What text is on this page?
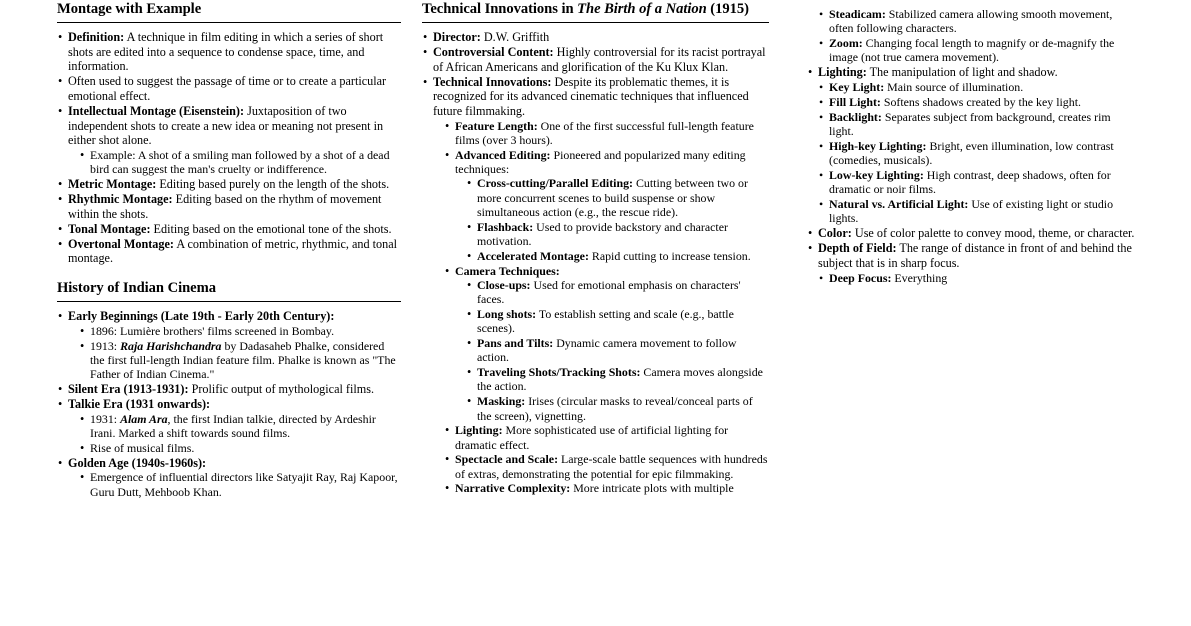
Montage with Example
• Definition: A technique in film editing in which a series of short shots are edited into a sequence to condense space, time, and information.
• Often used to suggest the passage of time or to create a particular emotional effect.
• Intellectual Montage (Eisenstein): Juxtaposition of two independent shots to create a new idea or meaning not present in either shot alone.
• Example: A shot of a smiling man followed by a shot of a dead bird can suggest the man's cruelty or indifference.
• Metric Montage: Editing based purely on the length of the shots.
• Rhythmic Montage: Editing based on the rhythm of movement within the shots.
• Tonal Montage: Editing based on the emotional tone of the shots.
• Overtonal Montage: A combination of metric, rhythmic, and tonal montage.
History of Indian Cinema
• Early Beginnings (Late 19th - Early 20th Century):
• 1896: Lumière brothers' films screened in Bombay.
• 1913: Raja Harishchandra by Dadasaheb Phalke, considered the first full-length Indian feature film. Phalke is known as "The Father of Indian Cinema."
• Silent Era (1913-1931): Prolific output of mythological films.
• Talkie Era (1931 onwards):
• 1931: Alam Ara, the first Indian talkie, directed by Ardeshir Irani. Marked a shift towards sound films.
• Rise of musical films.
• Golden Age (1940s-1960s):
• Emergence of influential directors like Satyajit Ray, Raj Kapoor, Guru Dutt, Mehboob Khan.
Technical Innovations in The Birth of a Nation (1915)
• Director: D.W. Griffith
• Controversial Content: Highly controversial for its racist portrayal of African Americans and glorification of the Ku Klux Klan.
• Technical Innovations: Despite its problematic themes, it is recognized for its advanced cinematic techniques that influenced future filmmaking.
• Feature Length: One of the first successful full-length feature films (over 3 hours).
• Advanced Editing: Pioneered and popularized many editing techniques:
• Cross-cutting/Parallel Editing: Cutting between two or more concurrent scenes to build suspense or show simultaneous action (e.g., the rescue ride).
• Flashback: Used to provide backstory and character motivation.
• Accelerated Montage: Rapid cutting to increase tension.
• Camera Techniques:
• Close-ups: Used for emotional emphasis on characters' faces.
• Long shots: To establish setting and scale (e.g., battle scenes).
• Pans and Tilts: Dynamic camera movement to follow action.
• Traveling Shots/Tracking Shots: Camera moves alongside the action.
• Masking: Irises (circular masks to reveal/conceal parts of the screen), vignetting.
• Lighting: More sophisticated use of artificial lighting for dramatic effect.
• Spectacle and Scale: Large-scale battle sequences with hundreds of extras, demonstrating the potential for epic filmmaking.
• Narrative Complexity: More intricate plots with multiple
• Steadicam: Stabilized camera allowing smooth movement, often following characters.
• Zoom: Changing focal length to magnify or de-magnify the image (not true camera movement).
• Lighting: The manipulation of light and shadow.
• Key Light: Main source of illumination.
• Fill Light: Softens shadows created by the key light.
• Backlight: Separates subject from background, creates rim light.
• High-key Lighting: Bright, even illumination, low contrast (comedies, musicals).
• Low-key Lighting: High contrast, deep shadows, often for dramatic or noir films.
• Natural vs. Artificial Light: Use of existing light or studio lights.
• Color: Use of color palette to convey mood, theme, or character.
• Depth of Field: The range of distance in front of and behind the subject that is in sharp focus.
• Deep Focus: Everything
